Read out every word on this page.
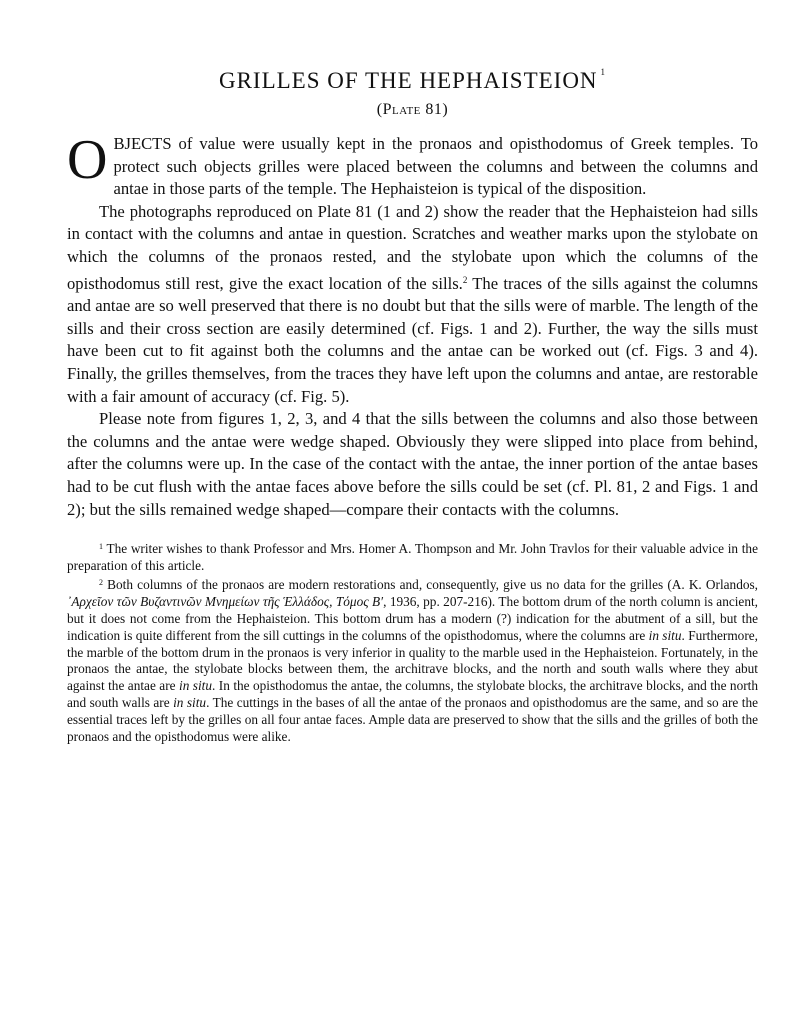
GRILLES OF THE HEPHAISTEION $^1$
(Plate 81)

OBJECTS of value were usually kept in the pronaos and opisthodomus of Greek temples. To protect such objects grilles were placed between the columns and between the columns and antae in those parts of the temple. The Hephaisteion is typical of the disposition.

The photographs reproduced on Plate 81 (1 and 2) show the reader that the Hephaisteion had sills in contact with the columns and antae in question. Scratches and weather marks upon the stylobate on which the columns of the pronaos rested, and the stylobate upon which the columns of the opisthodomus still rest, give the exact location of the sills.$^2$ The traces of the sills against the columns and antae are so well preserved that there is no doubt but that the sills were of marble. The length of the sills and their cross section are easily determined (cf. Figs. 1 and 2). Further, the way the sills must have been cut to fit against both the columns and the antae can be worked out (cf. Figs. 3 and 4). Finally, the grilles themselves, from the traces they have left upon the columns and antae, are restorable with a fair amount of accuracy (cf. Fig. 5).

Please note from figures 1, 2, 3, and 4 that the sills between the columns and also those between the columns and the antae were wedge shaped. Obviously they were slipped into place from behind, after the columns were up. In the case of the contact with the antae, the inner portion of the antae bases had to be cut flush with the antae faces above before the sills could be set (cf. Pl. 81, 2 and Figs. 1 and 2); but the sills remained wedge shaped—compare their contacts with the columns.

$^1$ The writer wishes to thank Professor and Mrs. Homer A. Thompson and Mr. John Travlos for their valuable advice in the preparation of this article.

$^2$ Both columns of the pronaos are modern restorations and, consequently, give us no data for the grilles (A. K. Orlandos, ᾿Αρχεῖον τῶν Βυζαντινῶν Μνημείων τῆς Ἑλλάδος, Τόμος Β′, 1936, pp. 207-216). The bottom drum of the north column is ancient, but it does not come from the Hephaisteion. This bottom drum has a modern (?) indication for the abutment of a sill, but the indication is quite different from the sill cuttings in the columns of the opisthodomus, where the columns are in situ. Furthermore, the marble of the bottom drum in the pronaos is very inferior in quality to the marble used in the Hephaisteion. Fortunately, in the pronaos the antae, the stylobate blocks between them, the architrave blocks, and the north and south walls where they abut against the antae are in situ. In the opisthodomus the antae, the columns, the stylobate blocks, the architrave blocks, and the north and south walls are in situ. The cuttings in the bases of all the antae of the pronaos and opisthodomus are the same, and so are the essential traces left by the grilles on all four antae faces. Ample data are preserved to show that the sills and the grilles of both the pronaos and the opisthodomus were alike.
